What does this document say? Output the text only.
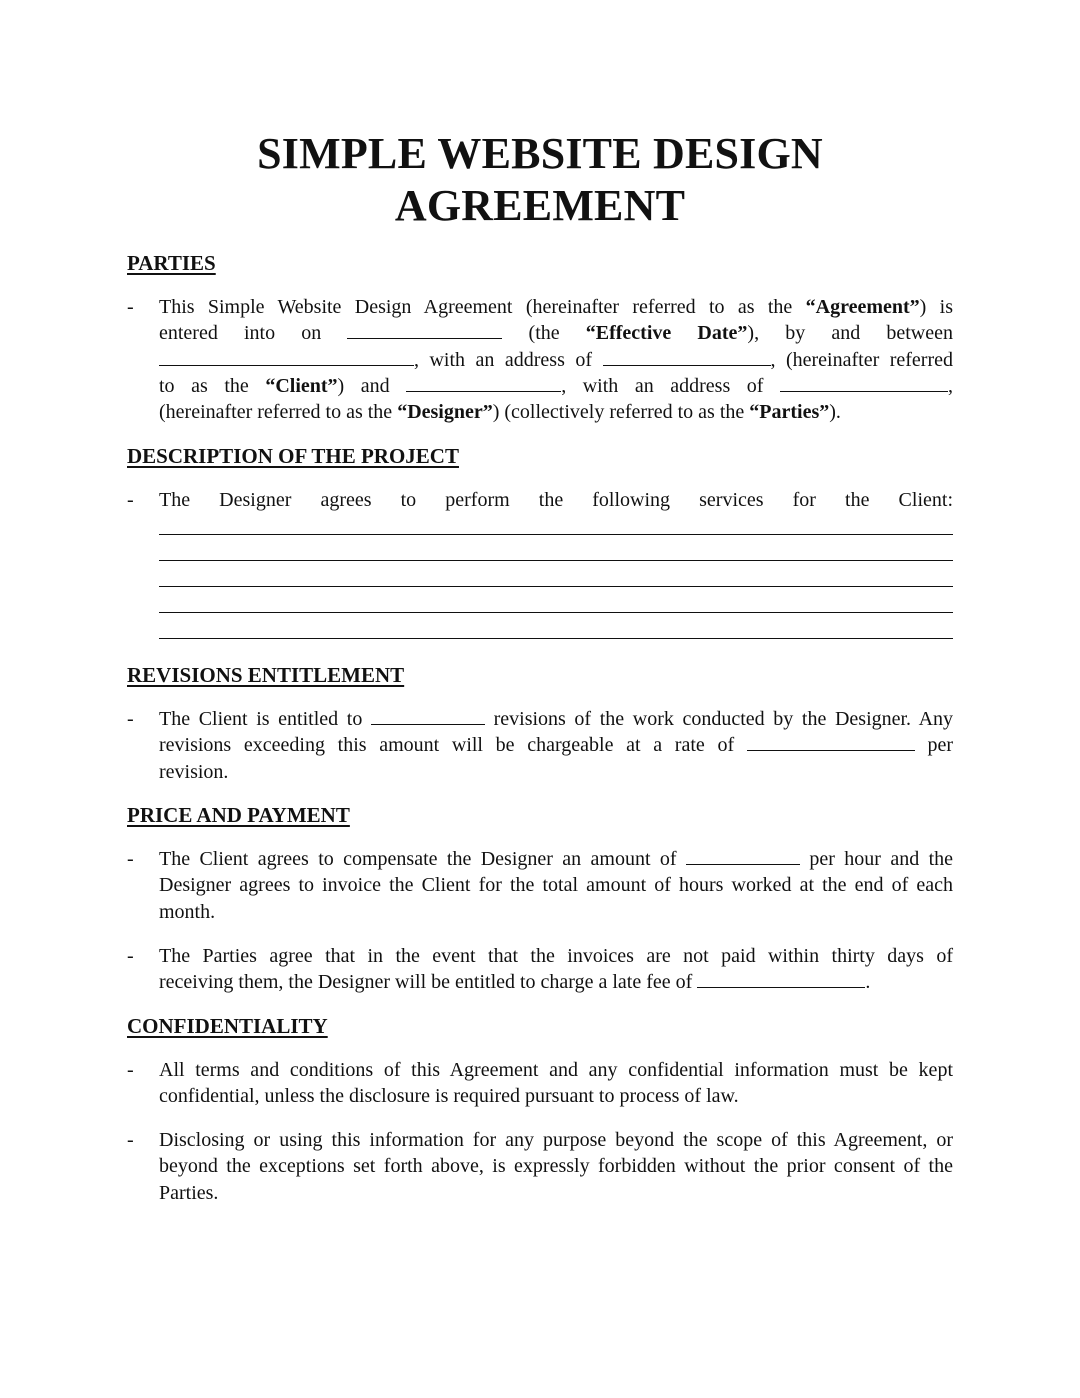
SIMPLE WEBSITE DESIGN
AGREEMENT
PARTIES
-	This Simple Website Design Agreement (hereinafter referred to as the “Agreement”) is
entered into on	(the “Effective Date”), by and between
, with an address of	, (hereinafter referred
to as the “Client”) and	, with an address of	,
(hereinafter referred to as the “Designer”) (collectively referred to as the “Parties”).
DESCRIPTION OF THE PROJECT
-	The Designer agrees to perform the following services for the Client:
REVISIONS ENTITLEMENT
-	The Client is entitled to	revisions of the work conducted by the Designer. Any
revisions exceeding this amount will be chargeable at a rate of	per
revision.
PRICE AND PAYMENT
-	The Client agrees to compensate the Designer an amount of	per hour and the
Designer agrees to invoice the Client for the total amount of hours worked at the end of each
month.
-	The Parties agree that in the event that the invoices are not paid within thirty days of
receiving them, the Designer will be entitled to charge a late fee of	.
CONFIDENTIALITY
-	All terms and conditions of this Agreement and any confidential information must be kept confidential, unless the disclosure is required pursuant to process of law.
-	Disclosing or using this information for any purpose beyond the scope of this Agreement, or beyond the exceptions set forth above, is expressly forbidden without the prior consent of the Parties.
